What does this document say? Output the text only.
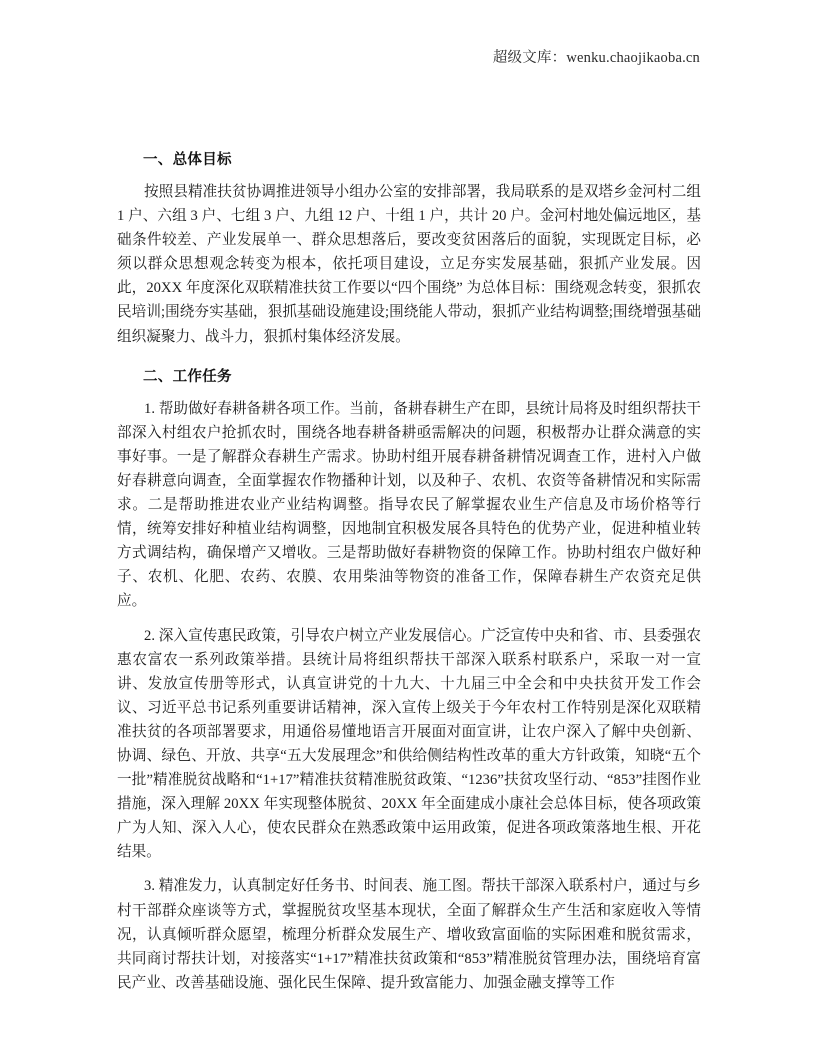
超级文库：wenku.chaojikaoba.cn
一、总体目标

按照县精准扶贫协调推进领导小组办公室的安排部署，我局联系的是双塔乡金河村二组 1 户、六组 3 户、七组 3 户、九组 12 户、十组 1 户，共计 20 户。金河村地处偏远地区，基础条件较差、产业发展单一、群众思想落后，要改变贫困落后的面貌，实现既定目标，必须以群众思想观念转变为根本，依托项目建设，立足夯实发展基础，狠抓产业发展。因此，20XX 年度深化双联精准扶贫工作要以“四个围绕” 为总体目标：围绕观念转变，狠抓农民培训;围绕夯实基础，狠抓基础设施建设;围绕能人带动，狠抓产业结构调整;围绕增强基础组织凝聚力、战斗力，狠抓村集体经济发展。

二、工作任务

1. 帮助做好春耕备耕各项工作。当前，备耕春耕生产在即，县统计局将及时组织帮扶干部深入村组农户抢抓农时，围绕各地春耕备耕亟需解决的问题，积极帮办让群众满意的实事好事。一是了解群众春耕生产需求。协助村组开展春耕备耕情况调查工作，进村入户做好春耕意向调查，全面掌握农作物播种计划，以及种子、农机、农资等备耕情况和实际需求。二是帮助推进农业产业结构调整。指导农民了解掌握农业生产信息及市场价格等行情，统筹安排好种植业结构调整，因地制宜积极发展各具特色的优势产业，促进种植业转方式调结构，确保增产又增收。三是帮助做好春耕物资的保障工作。协助村组农户做好种子、农机、化肥、农药、农膜、农用柴油等物资的准备工作，保障春耕生产农资充足供应。

2. 深入宣传惠民政策，引导农户树立产业发展信心。广泛宣传中央和省、市、县委强农惠农富农一系列政策举措。县统计局将组织帮扶干部深入联系村联系户，采取一对一宣讲、发放宣传册等形式，认真宣讲党的十九大、十九届三中全会和中央扶贫开发工作会议、习近平总书记系列重要讲话精神，深入宣传上级关于今年农村工作特别是深化双联精准扶贫的各项部署要求，用通俗易懂地语言开展面对面宣讲，让农户深入了解中央创新、协调、绿色、开放、共享“五大发展理念”和供给侧结构性改革的重大方针政策，知晓“五个一批”精准脱贫战略和“1+17”精准扶贫精准脱贫政策、“1236”扶贫攻坚行动、“853”挂图作业措施，深入理解 20XX 年实现整体脱贫、20XX 年全面建成小康社会总体目标，使各项政策广为人知、深入人心，使农民群众在熟悉政策中运用政策，促进各项政策落地生根、开花结果。

3. 精准发力，认真制定好任务书、时间表、施工图。帮扶干部深入联系村户，通过与乡村干部群众座谈等方式，掌握脱贫攻坚基本现状，全面了解群众生产生活和家庭收入等情况，认真倾听群众愿望，梳理分析群众发展生产、增收致富面临的实际困难和脱贫需求，共同商讨帮扶计划，对接落实“1+17”精准扶贫政策和“853”精准脱贫管理办法，围绕培育富民产业、改善基础设施、强化民生保障、提升致富能力、加强金融支撑等工作
